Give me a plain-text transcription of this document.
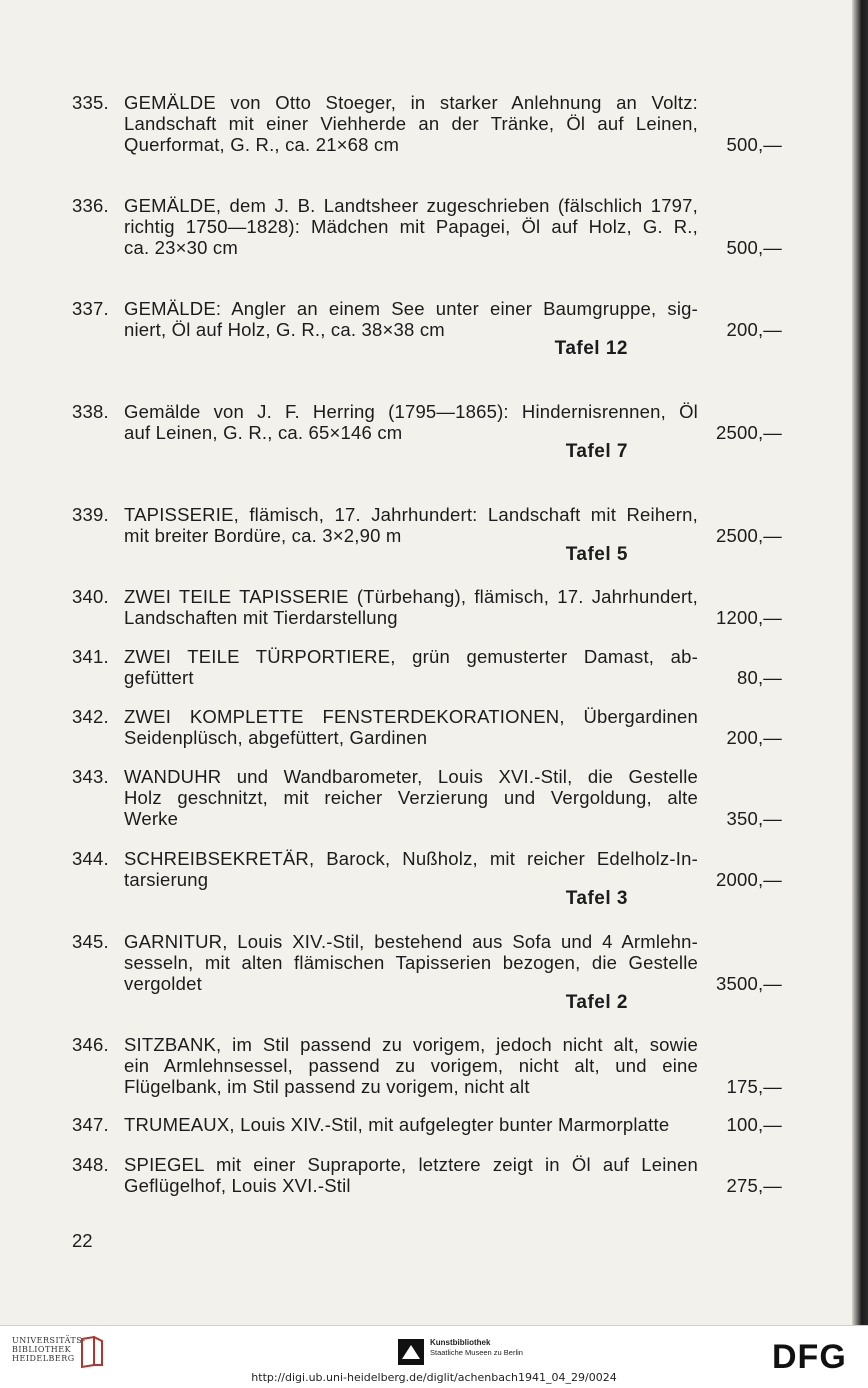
335. GEMÄLDE von Otto Stoeger, in starker Anlehnung an Voltz:
Landschaft mit einer Viehherde an der Tränke, Öl auf Leinen,
Querformat, G. R., ca. 21×68 cm	500,—
336. GEMÄLDE, dem J. B. Landtsheer zugeschrieben (fälschlich 1797,
richtig 1750—1828): Mädchen mit Papagei, Öl auf Holz, G. R.,
ca. 23×30 cm	500,—
337. GEMÄLDE: Angler an einem See unter einer Baumgruppe, sig-
niert, Öl auf Holz, G. R., ca. 38×38 cm	200,—
Tafel 12
338. Gemälde von J. F. Herring (1795—1865): Hindernisrennen, Öl
auf Leinen, G. R., ca. 65×146 cm	2500,—
Tafel 7
339. TAPISSERIE, flämisch, 17. Jahrhundert: Landschaft mit Reihern,
mit breiter Bordüre, ca. 3×2,90 m	2500,—
Tafel 5
340. ZWEI TEILE TAPISSERIE (Türbehang), flämisch, 17. Jahrhundert,
Landschaften mit Tierdarstellung	1200,—
341. ZWEI TEILE TÜRPORTIERE, grün gemusterter Damast, ab-
gefüttert	80,—
342. ZWEI KOMPLETTE FENSTERDEKORATIONEN, Übergardinen
Seidenplüsch, abgefüttert, Gardinen	200,—
343. WANDUHR und Wandbarometer, Louis XVI.-Stil, die Gestelle
Holz geschnitzt, mit reicher Verzierung und Vergoldung, alte
Werke	350,—
344. SCHREIBSEKRETÄR, Barock, Nußholz, mit reicher Edelholz-In-
tarsierung	2000,—
Tafel 3
345. GARNITUR, Louis XIV.-Stil, bestehend aus Sofa und 4 Armlehn-
sesseln, mit alten flämischen Tapisserien bezogen, die Gestelle
vergoldet	3500,—
Tafel 2
346. SITZBANK, im Stil passend zu vorigem, jedoch nicht alt, sowie
ein Armlehnsessel, passend zu vorigem, nicht alt, und eine
Flügelbank, im Stil passend zu vorigem, nicht alt	175,—
347. TRUMEAUX, Louis XIV.-Stil, mit aufgelegter bunter Marmorplatte	100,—
348. SPIEGEL mit einer Supraporte, letztere zeigt in Öl auf Leinen
Geflügelhof, Louis XVI.-Stil	275,—
22
UNIVERSITÄTS-
BIBLIOTHEK
HEIDELBERG
Kunstbibliothek
Staatliche Museen zu Berlin	DFG
http://digi.ub.uni-heidelberg.de/diglit/achenbach1941_04_29/0024
